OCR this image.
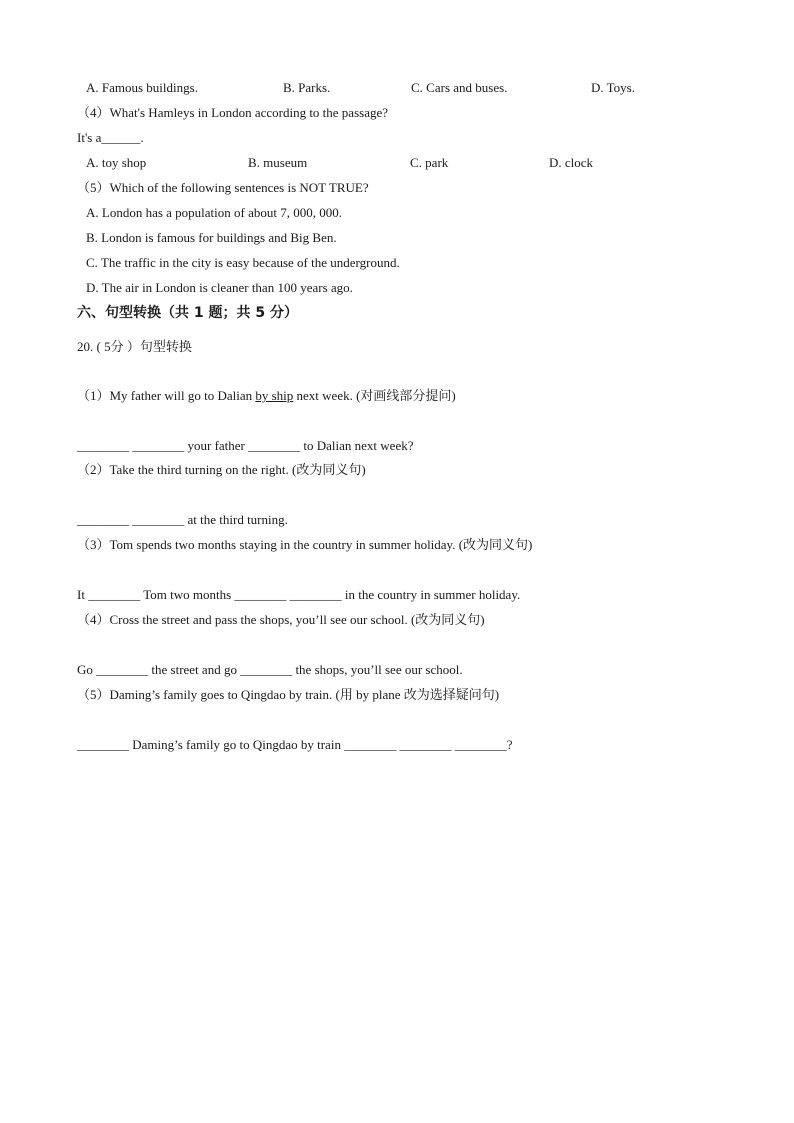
A. Famous buildings.	B. Parks.	C. Cars and buses.	D. Toys.
（4）What's Hamleys in London according to the passage?
It's a______.
A. toy shop	B. museum	C. park	D. clock
（5）Which of the following sentences is NOT TRUE?
A. London has a population of about 7, 000, 000.
B. London is famous for buildings and Big Ben.
C. The traffic in the city is easy because of the underground.
D. The air in London is cleaner than 100 years ago.
六、句型转换（共 1 题；共 5 分）
20. ( 5分 ）句型转换
（1）My father will go to Dalian by ship next week. (对画线部分提问)
________ ________ your father ________ to Dalian next week?
（2）Take the third turning on the right. (改为同义句)
________ ________ at the third turning.
（3）Tom spends two months staying in the country in summer holiday. (改为同义句)
It ________ Tom two months ________ ________ in the country in summer holiday.
（4）Cross the street and pass the shops, you’ll see our school. (改为同义句)
Go ________ the street and go ________ the shops, you’ll see our school.
（5）Daming’s family goes to Qingdao by train. (用 by plane 改为选择疑问句)
________ Daming’s family go to Qingdao by train ________ ________ ________?
